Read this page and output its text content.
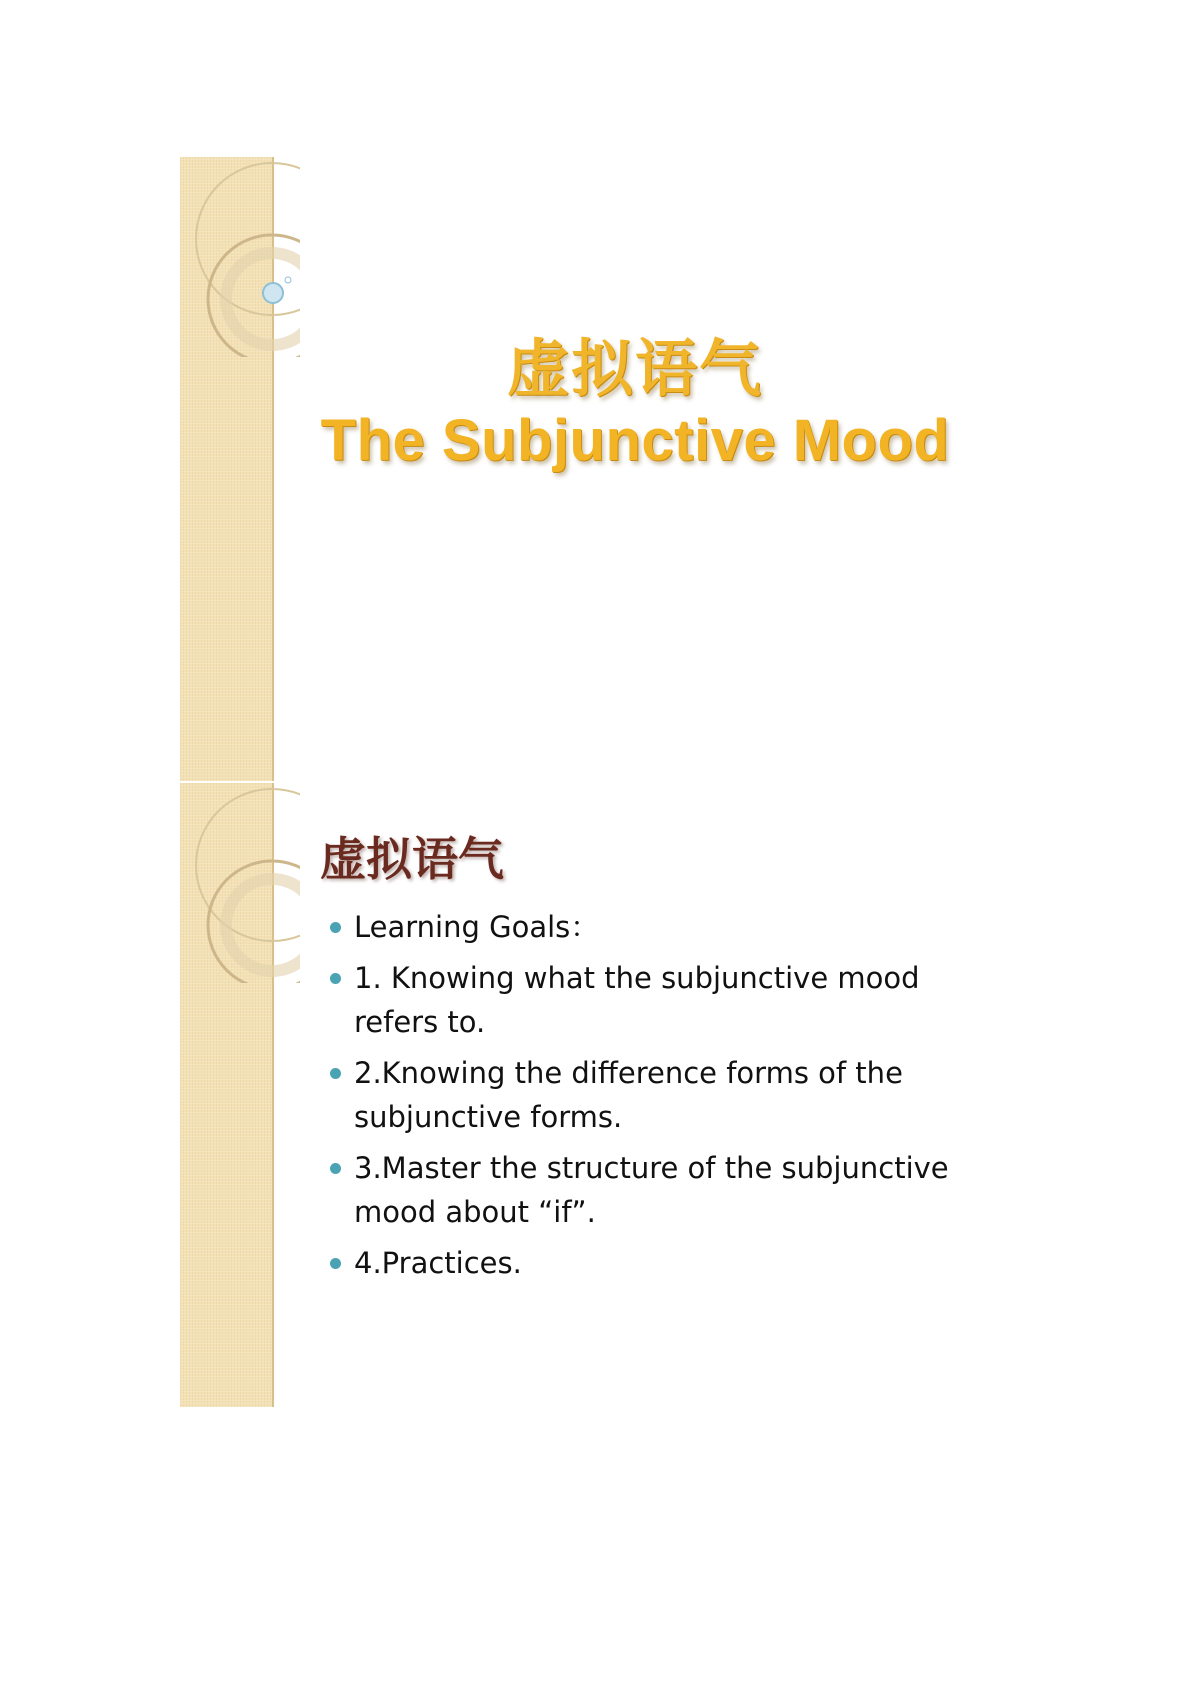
虚拟语气
The Subjunctive Mood
虚拟语气
Learning Goals：
1. Knowing what the subjunctive mood refers to.
2.Knowing the difference forms of the subjunctive forms.
3.Master the structure of the subjunctive mood about “if”.
4.Practices.
